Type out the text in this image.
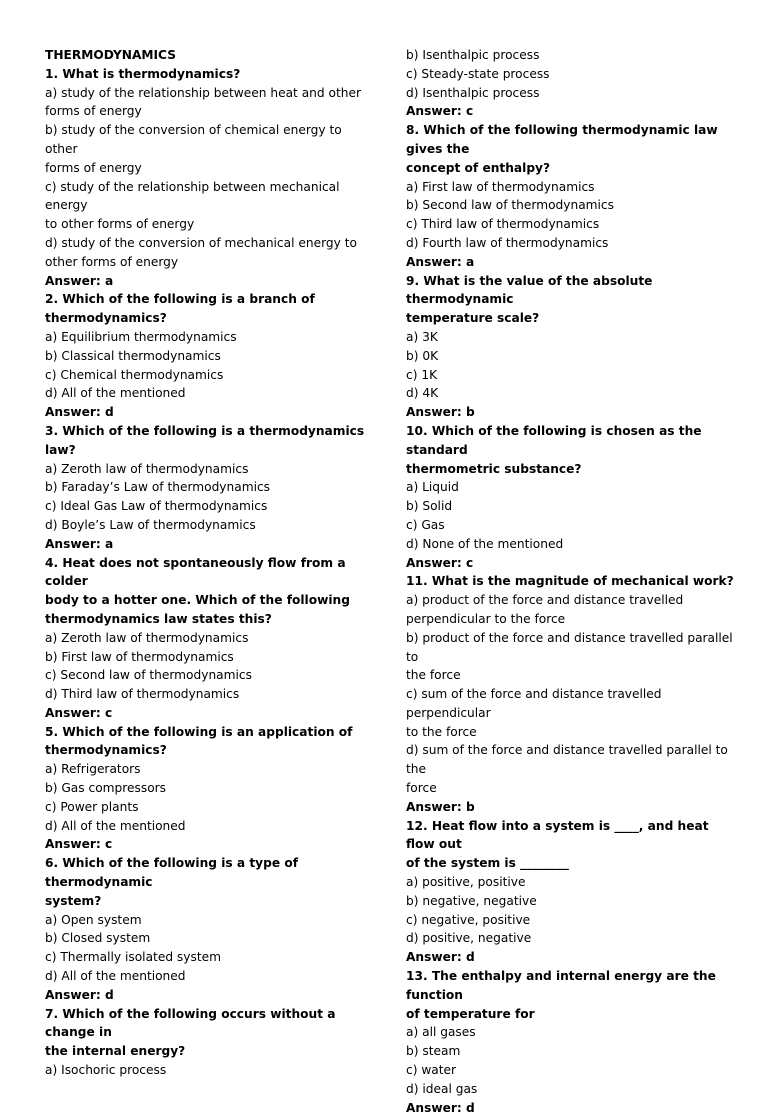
THERMODYNAMICS

1. What is thermodynamics?

a) study of the relationship between heat and other

forms of energy

b) study of the conversion of chemical energy to other

forms of energy

c) study of the relationship between mechanical energy

to other forms of energy

d) study of the conversion of mechanical energy to

other forms of energy

Answer: a

2. Which of the following is a branch of

thermodynamics?

a) Equilibrium thermodynamics

b) Classical thermodynamics

c) Chemical thermodynamics

d) All of the mentioned

Answer: d

3. Which of the following is a thermodynamics law?

a) Zeroth law of thermodynamics

b) Faraday’s Law of thermodynamics

c) Ideal Gas Law of thermodynamics

d) Boyle’s Law of thermodynamics

Answer: a

4. Heat does not spontaneously flow from a colder

body to a hotter one. Which of the following

thermodynamics law states this?

a) Zeroth law of thermodynamics

b) First law of thermodynamics

c) Second law of thermodynamics

d) Third law of thermodynamics

Answer: c

5. Which of the following is an application of

thermodynamics?

a) Refrigerators

b) Gas compressors

c) Power plants

d) All of the mentioned

Answer: c

6. Which of the following is a type of thermodynamic

system?

a) Open system

b) Closed system

c) Thermally isolated system

d) All of the mentioned

Answer: d

7. Which of the following occurs without a change in

the internal energy?

a) Isochoric process

b) Isenthalpic process

c) Steady-state process

d) Isenthalpic process

Answer: c

8. Which of the following thermodynamic law gives the

concept of enthalpy?

a) First law of thermodynamics

b) Second law of thermodynamics

c) Third law of thermodynamics

d) Fourth law of thermodynamics

Answer: a

9. What is the value of the absolute thermodynamic

temperature scale?

a) 3K

b) 0K

c) 1K

d) 4K

Answer: b

10. Which of the following is chosen as the standard

thermometric substance?

a) Liquid

b) Solid

c) Gas

d) None of the mentioned

Answer: c

11. What is the magnitude of mechanical work?

a) product of the force and distance travelled

perpendicular to the force

b) product of the force and distance travelled parallel to

the force

c) sum of the force and distance travelled perpendicular

to the force

d) sum of the force and distance travelled parallel to the

force

Answer: b

12. Heat flow into a system is ____, and heat flow out

of the system is ________

a) positive, positive

b) negative, negative

c) negative, positive

d) positive, negative

Answer: d

13. The enthalpy and internal energy are the function

of temperature for

a) all gases

b) steam

c) water

d) ideal gas

Answer: d
